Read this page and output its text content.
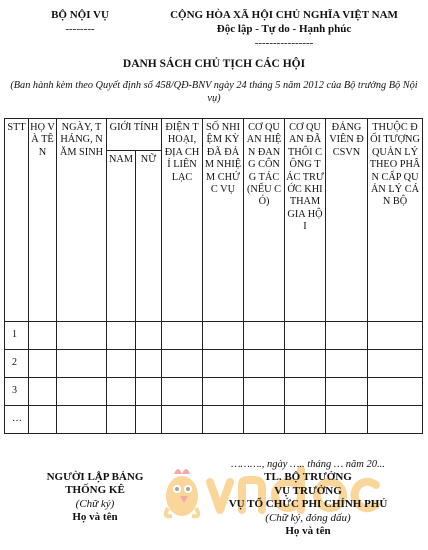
BỘ NỘI VỤ
--------
CỘNG HÒA XÃ HỘI CHỦ NGHĨA VIỆT NAM
Độc lập - Tự do - Hạnh phúc
----------------
DANH SÁCH CHỦ TỊCH CÁC HỘI
(Ban hành kèm theo Quyết định số 458/QĐ-BNV ngày 24 tháng 5 năm 2012 của Bộ trưởng Bộ Nội vụ)
STT	HỌ VÀ TÊN	NGÀY, THÁNG, NĂM SINH	GIỚI TÍNH		ĐIỆN THOẠI, ĐỊA CHỈ LIÊN LẠC	SỐ NHIỆM KỲ ĐÃ ĐẢM NHIỆM CHỨC VỤ	CƠ QUAN HIỆN ĐANG CÔNG TÁC (NẾU CÓ)	CƠ QUAN ĐÃ THÔI CÔNG TÁC TRƯỚC KHI THAM GIA HỘI	ĐẢNG VIÊN ĐCSVN	THUỘC ĐỐI TƯỢNG QUẢN LÝ THEO PHÂN CẤP QUẢN LÝ CÁN BỘ
			NAM	NỮ						
1										
2										
3										
…										
NGƯỜI LẬP BẢNG THỐNG KÊ
(Chữ ký)
Họ và tên
………., ngày ….. tháng … năm 20...
TL. BỘ TRƯỞNG
VỤ TRƯỞNG
VỤ TỔ CHỨC PHI CHÍNH PHỦ
(Chữ ký, đóng dấu)
Họ và tên
